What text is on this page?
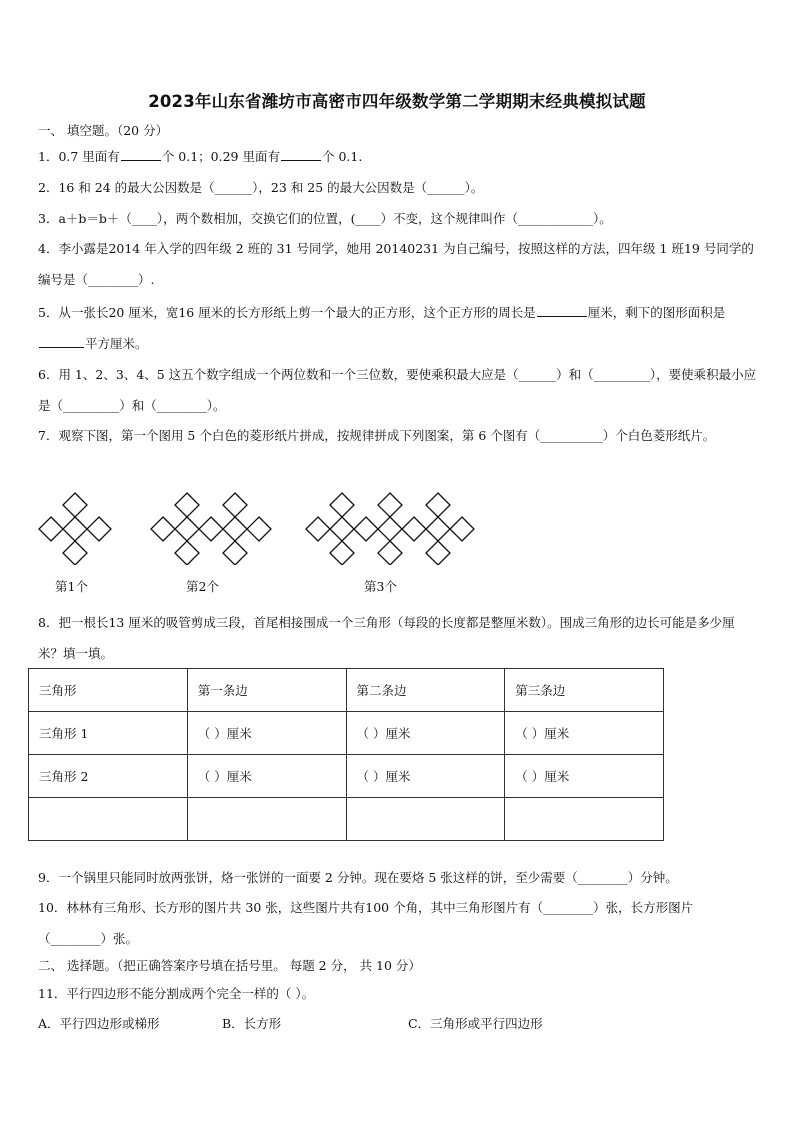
2023年山东省潍坊市高密市四年级数学第二学期期末经典模拟试题
一、 填空题。（20 分）
1．0.7 里面有	个 0.1；0.29 里面有	个 0.1.
2．16 和 24 的最大公因数是（______），23 和 25 的最大公因数是（______）。
3．a＋b＝b＋（____），两个数相加，交换它们的位置，(____）不变，这个规律叫作（____________）。
4．李小露是2014 年入学的四年级 2 班的 31 号同学，她用 20140231 为自己编号，按照这样的方法，四年级 1 班19 号同学的编号是（________）.
5．从一张长20 厘米，宽16 厘米的长方形纸上剪一个最大的正方形，这个正方形的周长是	厘米，剩下的图形面积是平方厘米。
6．用 1、2、3、4、5 这五个数字组成一个两位数和一个三位数，要使乘积最大应是（______）和（_________），要使乘积最小应是（_________）和（________）。
7．观察下图，第一个图用 5 个白色的菱形纸片拼成，按规律拼成下列图案，第 6 个图有（__________）个白色菱形纸片。
第1个	第2个	第3个
8．把一根长13 厘米的吸管剪成三段，首尾相接围成一个三角形（每段的长度都是整厘米数）。围成三角形的边长可能是多少厘米？填一填。
三角形	第一条边	第二条边	第三条边
三角形 1	（ ）厘米	（ ）厘米	（ ）厘米
三角形 2	（ ）厘米	（ ）厘米	（ ）厘米

9．一个锅里只能同时放两张饼，烙一张饼的一面要 2 分钟。现在要烙 5 张这样的饼，至少需要（________）分钟。
10．林林有三角形、长方形的图片共 30 张，这些图片共有100 个角，其中三角形图片有（________）张，长方形图片（________）张。
二、 选择题。（把正确答案序号填在括号里。 每题 2 分， 共 10 分）
11．平行四边形不能分割成两个完全一样的（ ）。
A．平行四边形或梯形	B．长方形	C．三角形或平行四边形
